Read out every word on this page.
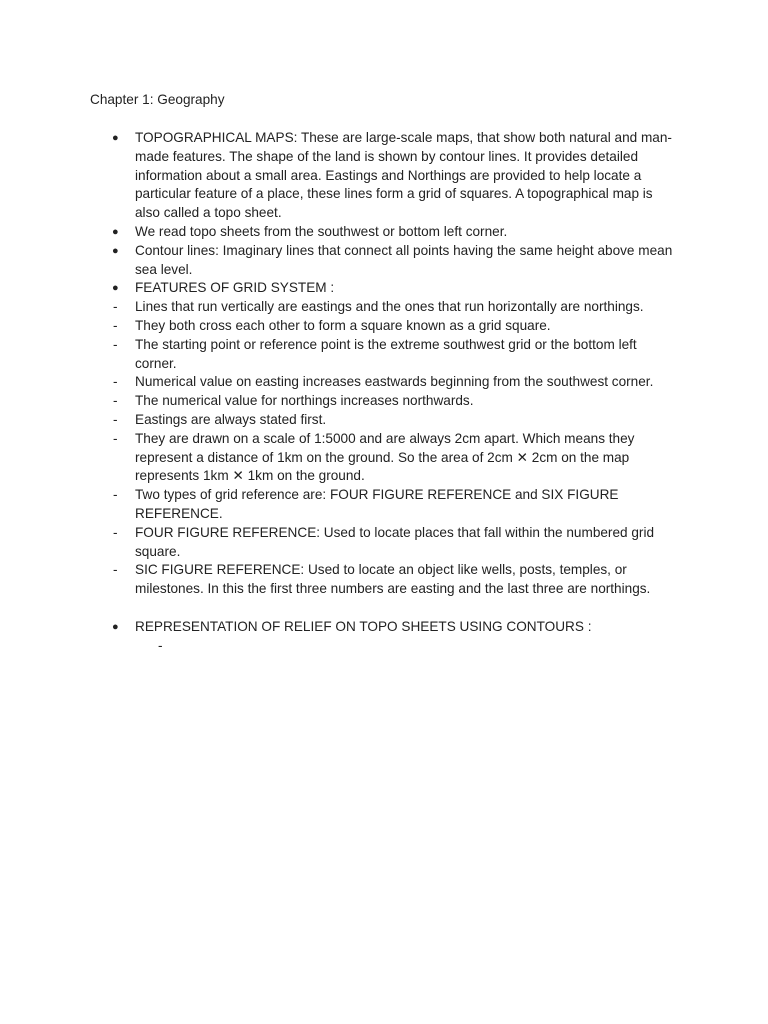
Chapter 1: Geography
● TOPOGRAPHICAL MAPS: These are large-scale maps, that show both natural and man-made features. The shape of the land is shown by contour lines. It provides detailed information about a small area. Eastings and Northings are provided to help locate a particular feature of a place, these lines form a grid of squares. A topographical map is also called a topo sheet.
● We read topo sheets from the southwest or bottom left corner.
● Contour lines: Imaginary lines that connect all points having the same height above mean sea level.
● FEATURES OF GRID SYSTEM :
- Lines that run vertically are eastings and the ones that run horizontally are northings.
- They both cross each other to form a square known as a grid square.
- The starting point or reference point is the extreme southwest grid or the bottom left corner.
- Numerical value on easting increases eastwards beginning from the southwest corner.
- The numerical value for northings increases northwards.
- Eastings are always stated first.
- They are drawn on a scale of 1:5000 and are always 2cm apart. Which means they represent a distance of 1km on the ground. So the area of 2cm ✕ 2cm on the map represents 1km ✕ 1km on the ground.
- Two types of grid reference are: FOUR FIGURE REFERENCE and SIX FIGURE REFERENCE.
- FOUR FIGURE REFERENCE: Used to locate places that fall within the numbered grid square.
- SIC FIGURE REFERENCE: Used to locate an object like wells, posts, temples, or milestones. In this the first three numbers are easting and the last three are northings.
● REPRESENTATION OF RELIEF ON TOPO SHEETS USING CONTOURS :
-
